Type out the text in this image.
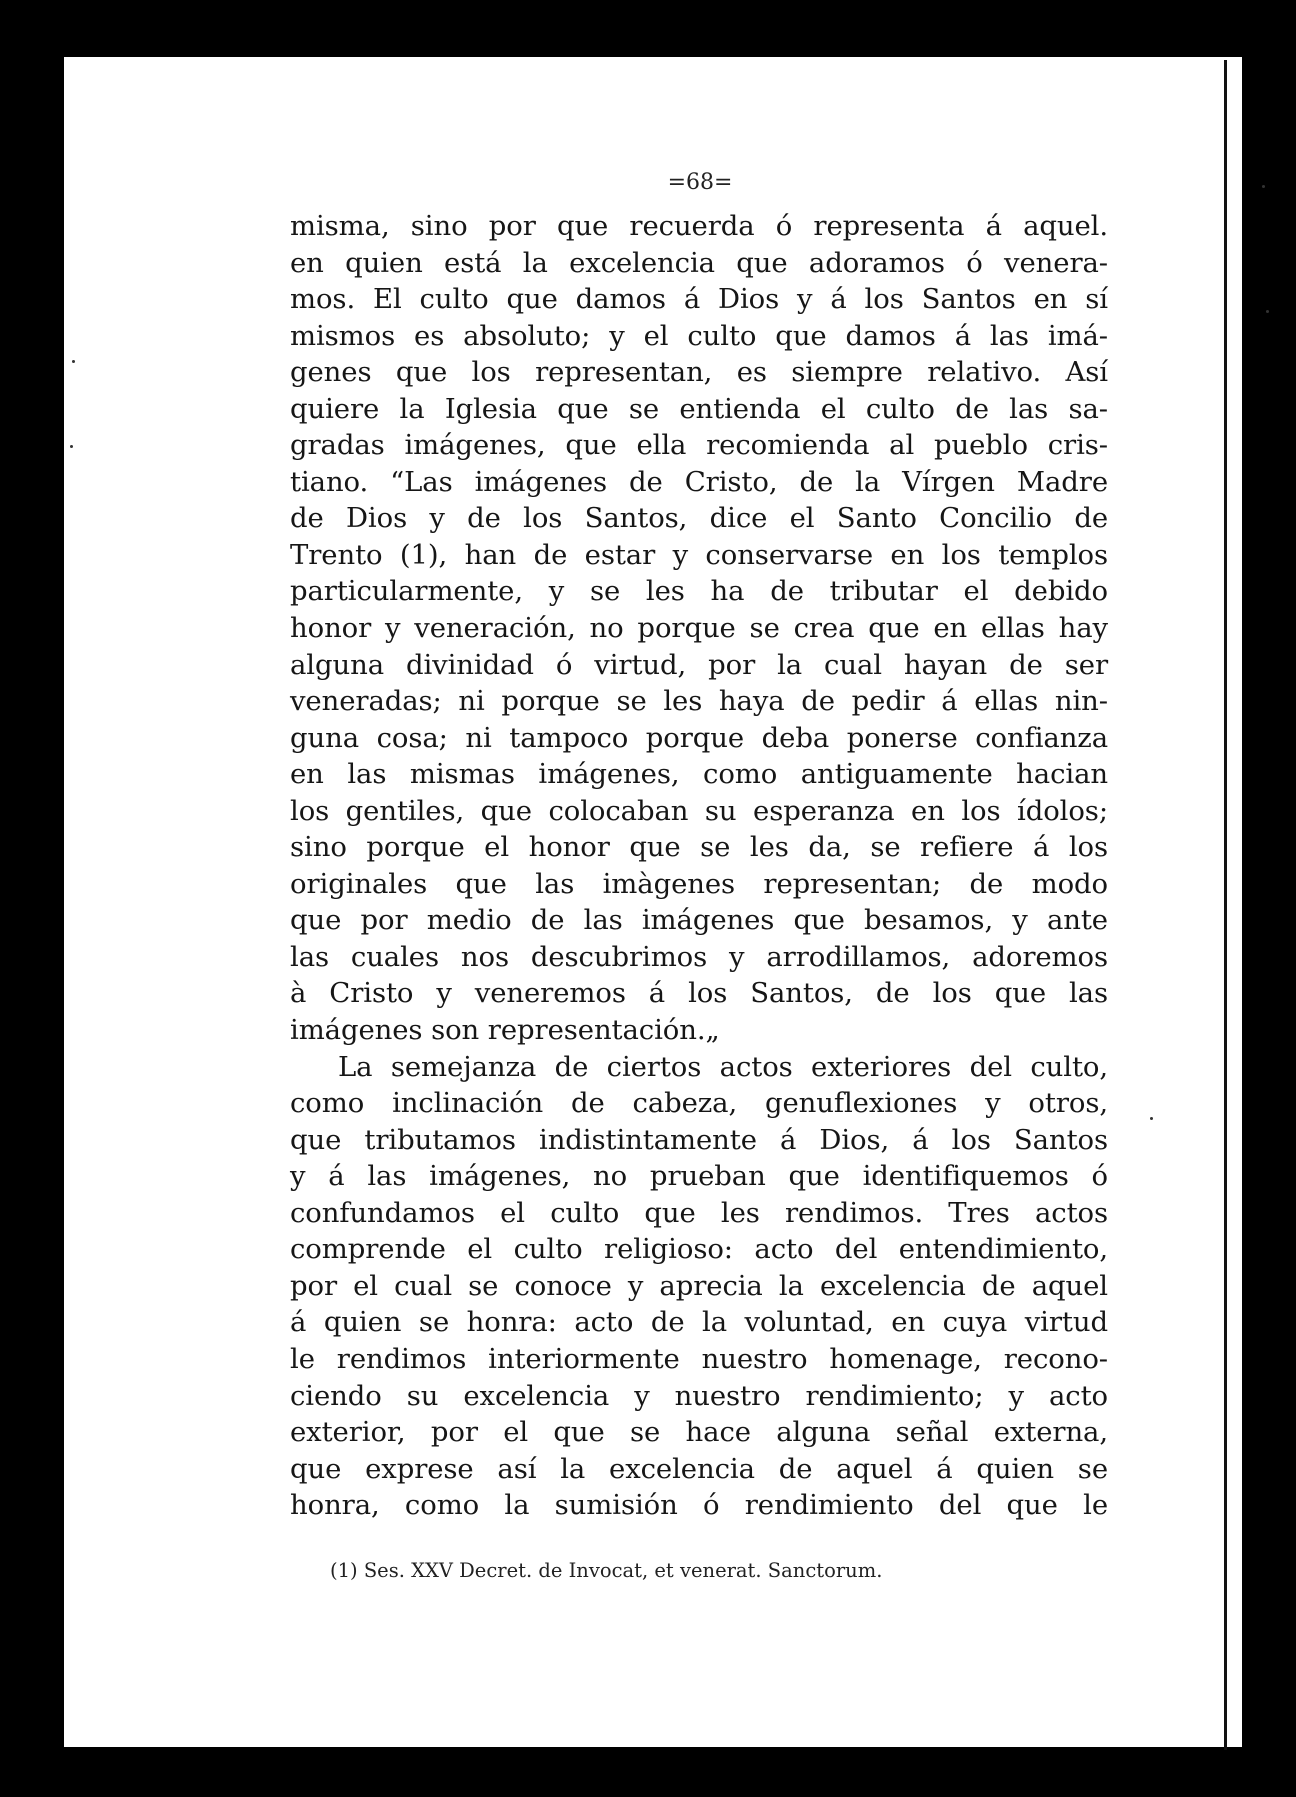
=68=
misma, sino por que recuerda ó representa á aquel.
en quien está la excelencia que adoramos ó venera-
mos. El culto que damos á Dios y á los Santos en sí
mismos es absoluto; y el culto que damos á las imá-
genes que los representan, es siempre relativo. Así
quiere la Iglesia que se entienda el culto de las sa-
gradas imágenes, que ella recomienda al pueblo cris-
tiano. “Las imágenes de Cristo, de la Vírgen Madre
de Dios y de los Santos, dice el Santo Concilio de
Trento (1), han de estar y conservarse en los templos
particularmente, y se les ha de tributar el debido
honor y veneración, no porque se crea que en ellas hay
alguna divinidad ó virtud, por la cual hayan de ser
veneradas; ni porque se les haya de pedir á ellas nin-
guna cosa; ni tampoco porque deba ponerse confianza
en las mismas imágenes, como antiguamente hacian
los gentiles, que colocaban su esperanza en los ídolos;
sino porque el honor que se les da, se refiere á los
originales que las imàgenes representan; de modo
que por medio de las imágenes que besamos, y ante
las cuales nos descubrimos y arrodillamos, adoremos
à Cristo y veneremos á los Santos, de los que las
imágenes son representación.„
La semejanza de ciertos actos exteriores del culto,
como inclinación de cabeza, genuflexiones y otros,
que tributamos indistintamente á Dios, á los Santos
y á las imágenes, no prueban que identifiquemos ó
confundamos el culto que les rendimos. Tres actos
comprende el culto religioso: acto del entendimiento,
por el cual se conoce y aprecia la excelencia de aquel
á quien se honra: acto de la voluntad, en cuya virtud
le rendimos interiormente nuestro homenage, recono-
ciendo su excelencia y nuestro rendimiento; y acto
exterior, por el que se hace alguna señal externa,
que exprese así la excelencia de aquel á quien se
honra, como la sumisión ó rendimiento del que le
(1) Ses. XXV Decret. de Invocat, et venerat. Sanctorum.
